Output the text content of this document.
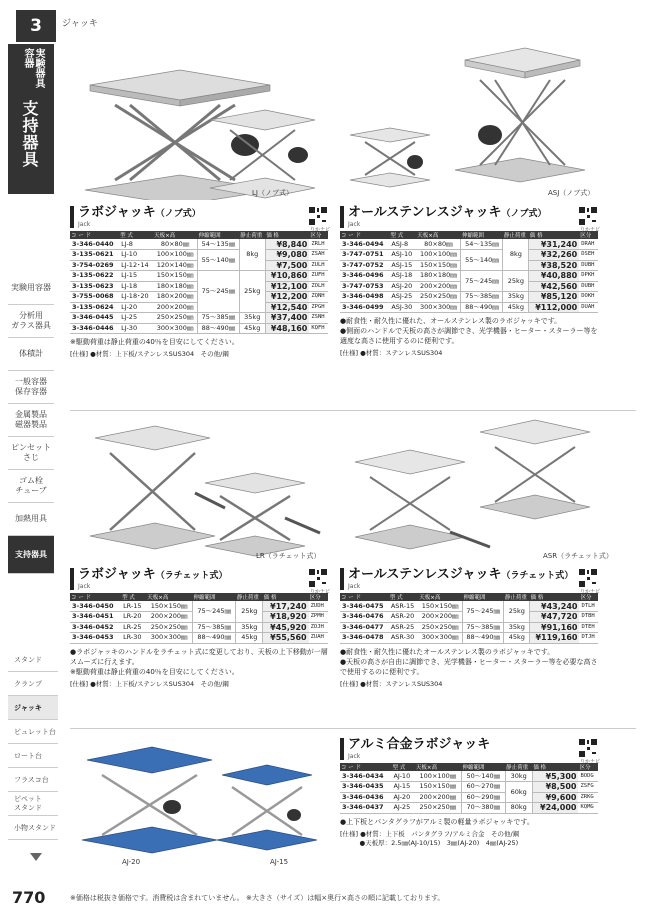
3
実験器具容器
支持器具
実験用容器
分析用
ガラス器具
体積計
一般容器
保存容器
金属製品
磁器製品
ピンセット
さじ
ゴム栓
チューブ
加熱用具
支持器具
スタンド
クランプ
ジャッキ
ビュレット台
ロート台
フラスコ台
ピペット
スタンド
小物スタンド
770
ジャッキ
LJ（ノブ式）	ASJ（ノブ式）
ラボジャッキ（ノブ式）
Jack
りかナビ
コ ー ド	型 式	天板×高	伸縮範囲	静止荷重	価 格	区分
3-346-0440	LJ-8	80×80㎜	54～135㎜	8kg	¥8,840	ZRLH
3-135-0621	LJ-10	100×100㎜	55～140㎜		¥9,080	ZSAH
3-754-0269	LJ-12･14	120×140㎜			¥7,500	ZULH
3-135-0622	LJ-15	150×150㎜	75～245㎜	25kg	¥10,860	ZUFH
3-135-0623	LJ-18	180×180㎜			¥12,100	ZOLH
3-755-0068	LJ-18･20	180×200㎜			¥12,200	ZQNH
3-135-0624	LJ-20	200×200㎜			¥12,540	ZPGH
3-346-0445	LJ-25	250×250㎜	75～385㎜	35kg	¥37,400	ZSNH
3-346-0446	LJ-30	300×300㎜	88～490㎜	45kg	¥48,160	KQFH
※駆動荷重は静止荷重の40％を目安にしてください。
[仕様] ●材質：上下板/ステンレスSUS304　その他/鋼
オールステンレスジャッキ（ノブ式）
Jack
りかナビ
コ ー ド	型 式	天板×高	伸縮範囲	静止荷重	価 格	区分
3-346-0494	ASJ-8	80×80㎜	54～135㎜	8kg	¥31,240	DRAH
3-747-0751	ASJ-10	100×100㎜	55～140㎜		¥32,260	DSEH
3-747-0752	ASJ-15	150×150㎜			¥38,520	DUBH
3-346-0496	ASJ-18	180×180㎜	75～245㎜	25kg	¥40,880	DPKH
3-747-0753	ASJ-20	200×200㎜			¥42,560	DUBH
3-346-0498	ASJ-25	250×250㎜	75～385㎜	35kg	¥85,120	DOKH
3-346-0499	ASJ-30	300×300㎜	88～490㎜	45kg	¥112,000	DUAH
●耐食性・耐久性に優れた、オールステンレス製のラボジャッキです。
●側面のハンドルで天板の高さが調節でき、光学機器・ヒーター・スターラー等を適度な高さに使用するのに便利です。
[仕様] ●材質：ステンレスSUS304
LR（ラチェット式）	ASR（ラチェット式）
ラボジャッキ（ラチェット式）
Jack
りかナビ
コ ー ド	型 式	天板×高	伸縮範囲	静止荷重	価 格	区分
3-346-0450	LR-15	150×150㎜	75～245㎜	25kg	¥17,240	ZUDH
3-346-0451	LR-20	200×200㎜			¥18,920	ZPMH
3-346-0452	LR-25	250×250㎜	75～385㎜	35kg	¥45,920	ZOJH
3-346-0453	LR-30	300×300㎜	88～490㎜	45kg	¥55,560	ZUAH
●ラボジャッキのハンドルをラチェット式に変更しており、天板の上下移動が一層スムーズに行えます。
※駆動荷重は静止荷重の40％を目安にしてください。
[仕様] ●材質：上下板/ステンレスSUS304　その他/鋼
オールステンレスジャッキ（ラチェット式）
Jack
りかナビ
コ ー ド	型 式	天板×高	伸縮範囲	静止荷重	価 格	区分
3-346-0475	ASR-15	150×150㎜	75～245㎜	25kg	¥43,240	DTLH
3-346-0476	ASR-20	200×200㎜			¥47,720	DTBH
3-346-0477	ASR-25	250×250㎜	75～385㎜	35kg	¥91,160	DTEH
3-346-0478	ASR-30	300×300㎜	88～490㎜	45kg	¥119,160	DTJH
●耐食性・耐久性に優れたオールステンレス製のラボジャッキです。
●天板の高さが自由に調節でき、光学機器・ヒーター・スターラー等を必要な高さで使用するのに便利です。
[仕様] ●材質：ステンレスSUS304
AJ-20	AJ-15
アルミ合金ラボジャッキ
Jack
りかナビ
コ ー ド	型 式	天板×高	伸縮範囲	静止荷重	価 格	区分
3-346-0434	AJ-10	100×100㎜	50～140㎜	30kg	¥5,300	BODG
3-346-0435	AJ-15	150×150㎜	60～270㎜	60kg	¥8,500	ZSFG
3-346-0436	AJ-20	200×200㎜	60～290㎜		¥9,600	ZRKG
3-346-0437	AJ-25	250×250㎜	70～380㎜	80kg	¥24,000	KQMG
●上下板とパンタグラフがアルミ製の軽量ラボジャッキです。
[仕様] ●材質：上下板　パンタグラフ/アルミ合金　その他/鋼
　　　●天板厚：2.5㎜(AJ-10/15)　3㎜(AJ-20)　4㎜(AJ-25)
※価格は税抜き価格です。消費税は含まれていません。 ※大きさ（サイズ）は幅×奥行×高さの順に記載しております。
